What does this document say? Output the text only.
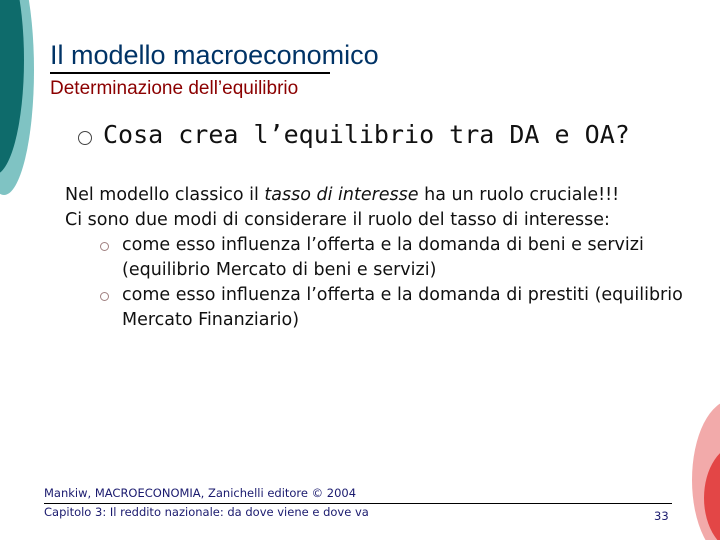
Il modello macroeconomico
Determinazione dell’equilibrio
Cosa crea l’equilibrio tra DA e OA?

Nel modello classico il tasso di interesse ha un ruolo cruciale!!!

Ci sono due modi di considerare il ruolo del tasso di interesse:

come esso influenza l’offerta e la domanda di beni e servizi (equilibrio Mercato di beni e servizi)
come esso influenza l’offerta e la domanda di prestiti (equilibrio Mercato Finanziario)
Mankiw, MACROECONOMIA, Zanichelli editore © 2004
Capitolo 3: Il reddito nazionale: da dove viene e dove va	33
